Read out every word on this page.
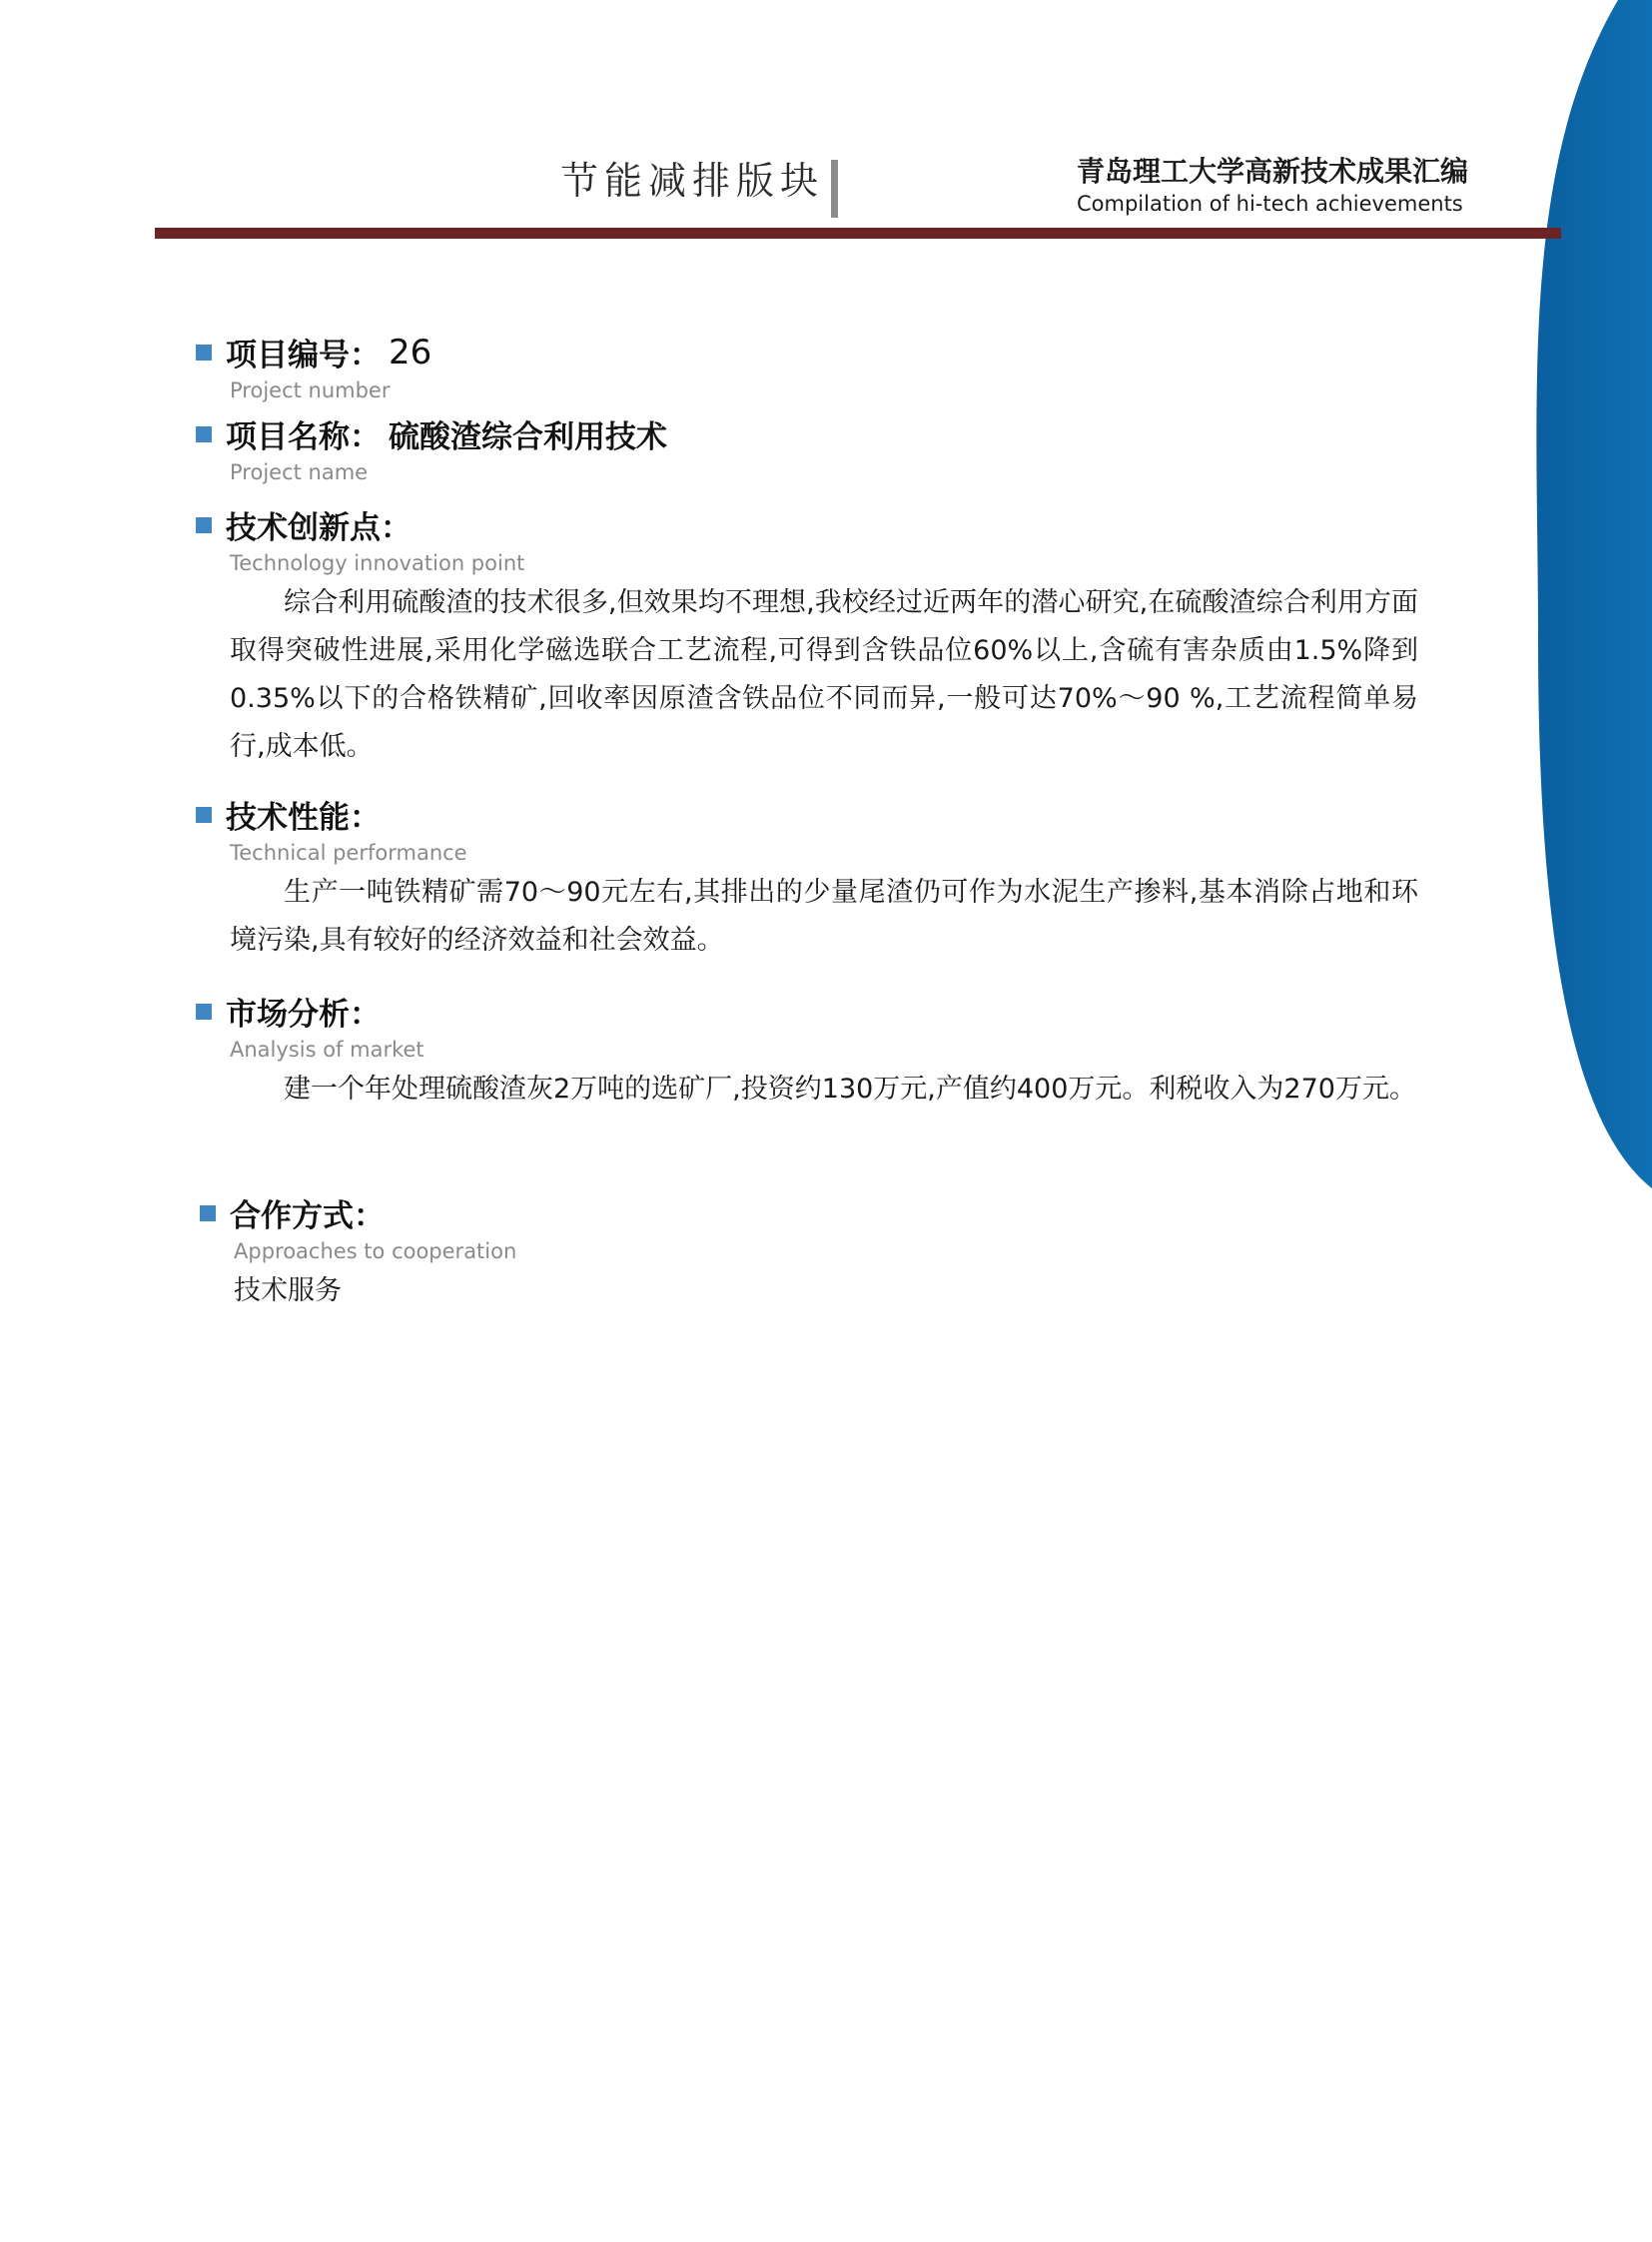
节能减排版块	青岛理工大学高新技术成果汇编
Compilation of hi-tech achievements
项目编号： 26
Project number
项目名称： 硫酸渣综合利用技术
Project name
技术创新点：
Technology innovation point
综合利用硫酸渣的技术很多,但效果均不理想,我校经过近两年的潜心研究,在硫酸渣综合利用方面取得突破性进展,采用化学磁选联合工艺流程,可得到含铁品位60%以上,含硫有害杂质由1.5%降到0.35%以下的合格铁精矿,回收率因原渣含铁品位不同而异,一般可达70%～90 %,工艺流程简单易行,成本低。
技术性能：
Technical performance
生产一吨铁精矿需70～90元左右,其排出的少量尾渣仍可作为水泥生产掺料,基本消除占地和环境污染,具有较好的经济效益和社会效益。
市场分析：
Analysis of market
建一个年处理硫酸渣灰2万吨的选矿厂,投资约130万元,产值约400万元。利税收入为270万元。
合作方式：
Approaches to cooperation
技术服务
